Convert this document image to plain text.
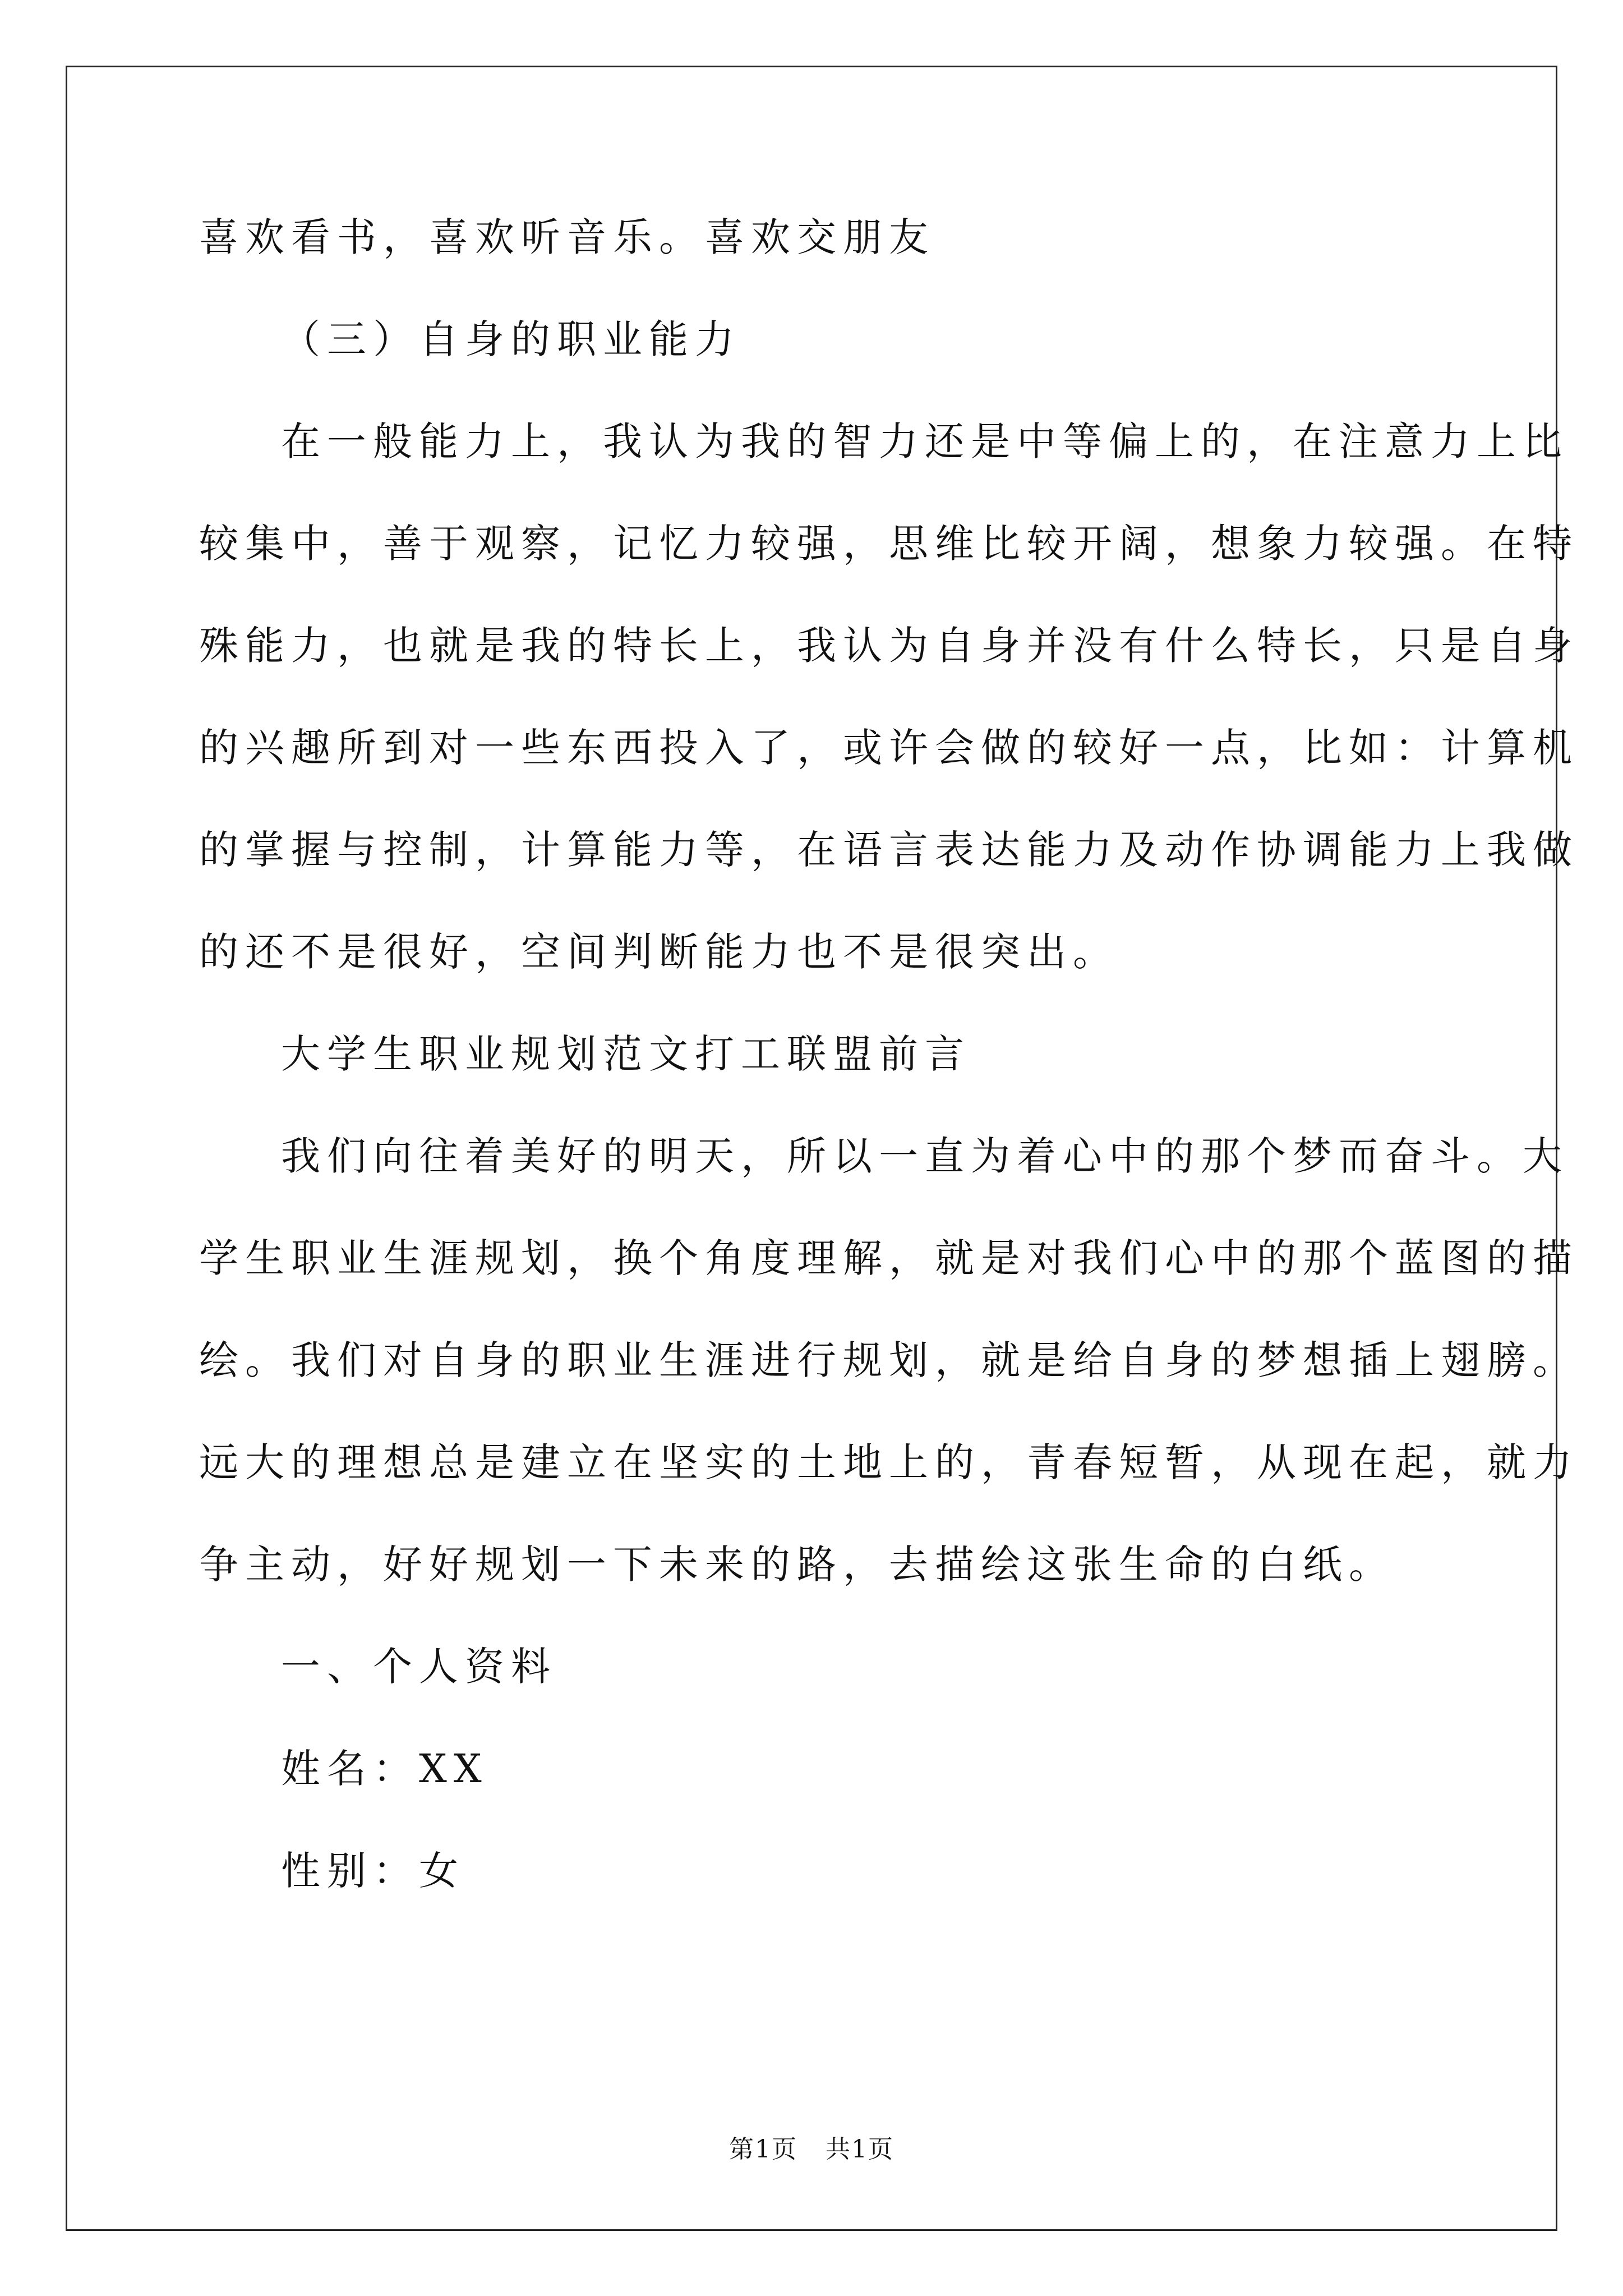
喜欢看书，喜欢听音乐。喜欢交朋友
（三）自身的职业能力
在一般能力上，我认为我的智力还是中等偏上的，在注意力上比
较集中，善于观察，记忆力较强，思维比较开阔，想象力较强。在特
殊能力，也就是我的特长上，我认为自身并没有什么特长，只是自身
的兴趣所到对一些东西投入了，或许会做的较好一点，比如：计算机
的掌握与控制，计算能力等，在语言表达能力及动作协调能力上我做
的还不是很好，空间判断能力也不是很突出。
大学生职业规划范文打工联盟前言
我们向往着美好的明天，所以一直为着心中的那个梦而奋斗。大
学生职业生涯规划，换个角度理解，就是对我们心中的那个蓝图的描
绘。我们对自身的职业生涯进行规划，就是给自身的梦想插上翅膀。
远大的理想总是建立在坚实的土地上的，青春短暂，从现在起，就力
争主动，好好规划一下未来的路，去描绘这张生命的白纸。
一、个人资料
姓名：XX
性别：女
第1页 共1页
